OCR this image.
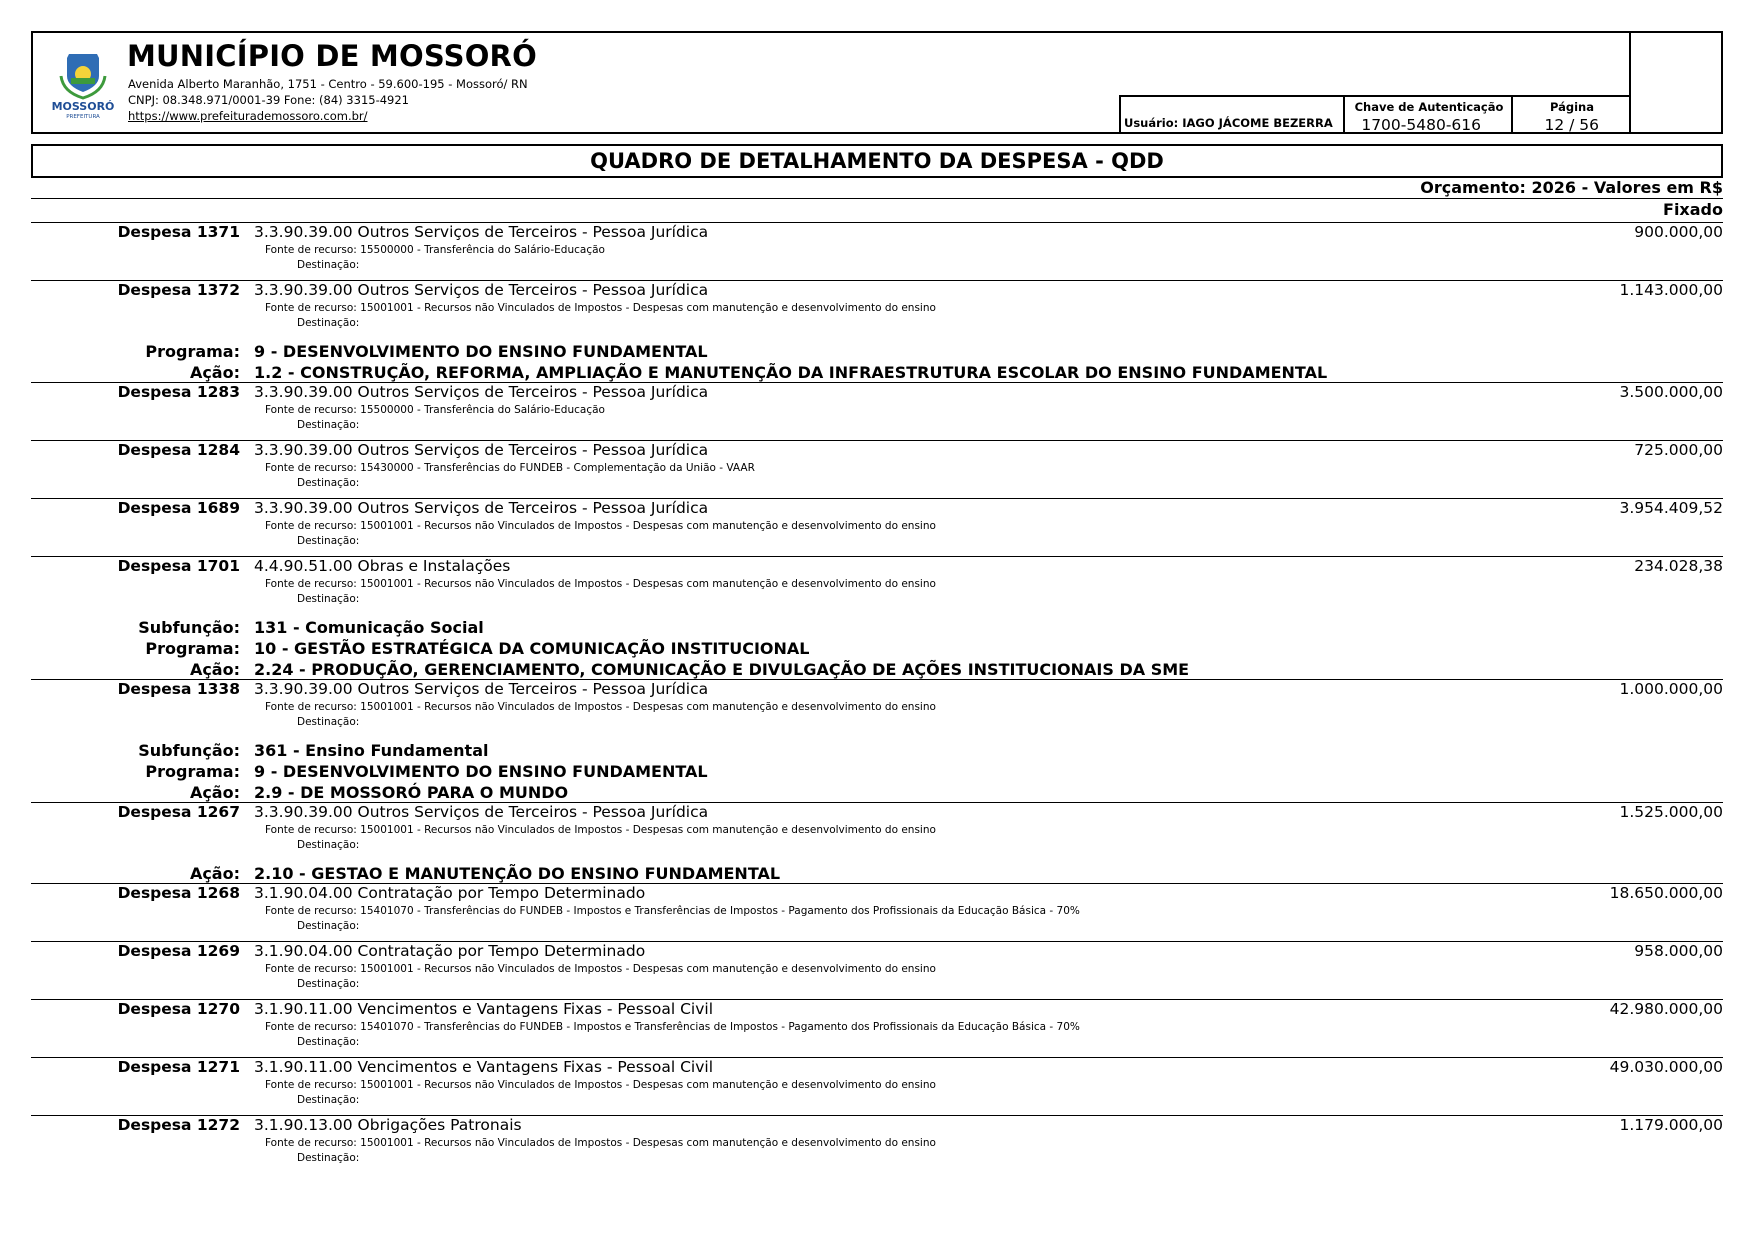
MOSSORÓ
PREFEITURA
MUNICÍPIO DE MOSSORÓ
Avenida Alberto Maranhão, 1751 - Centro - 59.600-195 - Mossoró/ RN
CNPJ: 08.348.971/0001-39 Fone: (84) 3315-4921
https://www.prefeiturademossoro.com.br/	Usuário: IAGO JÁCOME BEZERRA
Chave de Autenticação
1700-5480-616
Página
12 / 56
QUADRO DE DETALHAMENTO DA DESPESA - QDD
Orçamento: 2026 - Valores em R$
Fixado
Despesa 1371 3.3.90.39.00 Outros Serviços de Terceiros - Pessoa Jurídica
Fonte de recurso: 15500000 - Transferência do Salário-Educação
Destinação:
900.000,00
Despesa 1372 3.3.90.39.00 Outros Serviços de Terceiros - Pessoa Jurídica
Fonte de recurso: 15001001 - Recursos não Vinculados de Impostos - Despesas com manutenção e desenvolvimento do ensino
Destinação:
1.143.000,00
Programa: 9 - DESENVOLVIMENTO DO ENSINO FUNDAMENTAL
Ação: 1.2 - CONSTRUÇÃO, REFORMA, AMPLIAÇÃO E MANUTENÇÃO DA INFRAESTRUTURA ESCOLAR DO ENSINO FUNDAMENTAL
Despesa 1283 3.3.90.39.00 Outros Serviços de Terceiros - Pessoa Jurídica
Fonte de recurso: 15500000 - Transferência do Salário-Educação
Destinação:
3.500.000,00
Despesa 1284 3.3.90.39.00 Outros Serviços de Terceiros - Pessoa Jurídica
Fonte de recurso: 15430000 - Transferências do FUNDEB - Complementação da União - VAAR
Destinação:
725.000,00
Despesa 1689 3.3.90.39.00 Outros Serviços de Terceiros - Pessoa Jurídica
Fonte de recurso: 15001001 - Recursos não Vinculados de Impostos - Despesas com manutenção e desenvolvimento do ensino
Destinação:
3.954.409,52
Despesa 1701 4.4.90.51.00 Obras e Instalações
Fonte de recurso: 15001001 - Recursos não Vinculados de Impostos - Despesas com manutenção e desenvolvimento do ensino
Destinação:
234.028,38
Subfunção: 131 - Comunicação Social
Programa: 10 - GESTÃO ESTRATÉGICA DA COMUNICAÇÃO INSTITUCIONAL
Ação: 2.24 - PRODUÇÃO, GERENCIAMENTO, COMUNICAÇÃO E DIVULGAÇÃO DE AÇÕES INSTITUCIONAIS DA SME
Despesa 1338 3.3.90.39.00 Outros Serviços de Terceiros - Pessoa Jurídica
Fonte de recurso: 15001001 - Recursos não Vinculados de Impostos - Despesas com manutenção e desenvolvimento do ensino
Destinação:
1.000.000,00
Subfunção: 361 - Ensino Fundamental
Programa: 9 - DESENVOLVIMENTO DO ENSINO FUNDAMENTAL
Ação: 2.9 - DE MOSSORÓ PARA O MUNDO
Despesa 1267 3.3.90.39.00 Outros Serviços de Terceiros - Pessoa Jurídica
Fonte de recurso: 15001001 - Recursos não Vinculados de Impostos - Despesas com manutenção e desenvolvimento do ensino
Destinação:
1.525.000,00
Ação: 2.10 - GESTAO E MANUTENÇÃO DO ENSINO FUNDAMENTAL
Despesa 1268 3.1.90.04.00 Contratação por Tempo Determinado
Fonte de recurso: 15401070 - Transferências do FUNDEB - Impostos e Transferências de Impostos - Pagamento dos Profissionais da Educação Básica - 70%
Destinação:
18.650.000,00
Despesa 1269 3.1.90.04.00 Contratação por Tempo Determinado
Fonte de recurso: 15001001 - Recursos não Vinculados de Impostos - Despesas com manutenção e desenvolvimento do ensino
Destinação:
958.000,00
Despesa 1270 3.1.90.11.00 Vencimentos e Vantagens Fixas - Pessoal Civil
Fonte de recurso: 15401070 - Transferências do FUNDEB - Impostos e Transferências de Impostos - Pagamento dos Profissionais da Educação Básica - 70%
Destinação:
42.980.000,00
Despesa 1271 3.1.90.11.00 Vencimentos e Vantagens Fixas - Pessoal Civil
Fonte de recurso: 15001001 - Recursos não Vinculados de Impostos - Despesas com manutenção e desenvolvimento do ensino
Destinação:
49.030.000,00
Despesa 1272 3.1.90.13.00 Obrigações Patronais
Fonte de recurso: 15001001 - Recursos não Vinculados de Impostos - Despesas com manutenção e desenvolvimento do ensino
Destinação:
1.179.000,00
